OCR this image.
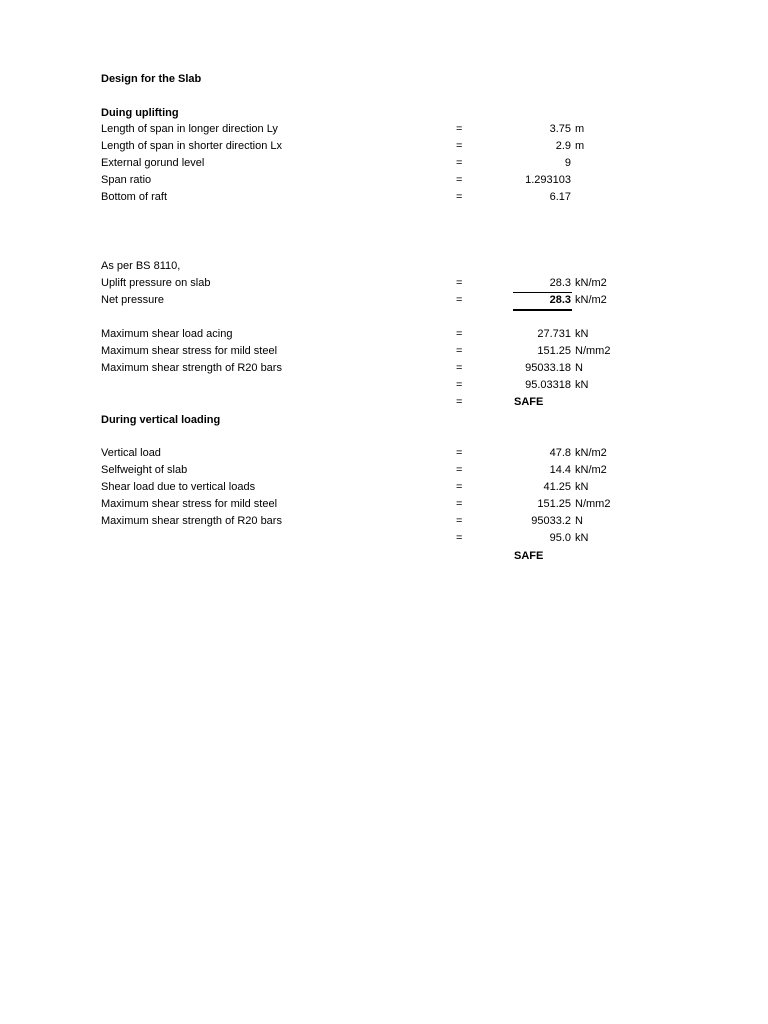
Design for the Slab
Duing uplifting
Length of span in longer direction Ly	=	3.75 m
Length of span in shorter direction Lx	=	2.9 m
External gorund level	=	9
Span ratio	=	1.293103
Bottom of raft	=	6.17
As per BS 8110,
Uplift pressure on slab	=	28.3 kN/m2
Net pressure	=	28.3 kN/m2
Maximum shear load acing	=	27.731 kN
Maximum shear stress for mild steel	=	151.25 N/mm2
Maximum shear strength of R20 bars	=	95033.18 N
=	95.03318 kN
=	SAFE
During vertical loading
Vertical load	=	47.8 kN/m2
Selfweight of slab	=	14.4 kN/m2
Shear load due to vertical loads	=	41.25 kN
Maximum shear stress for mild steel	=	151.25 N/mm2
Maximum shear strength of R20 bars	=	95033.2 N
=	95.0 kN
SAFE
